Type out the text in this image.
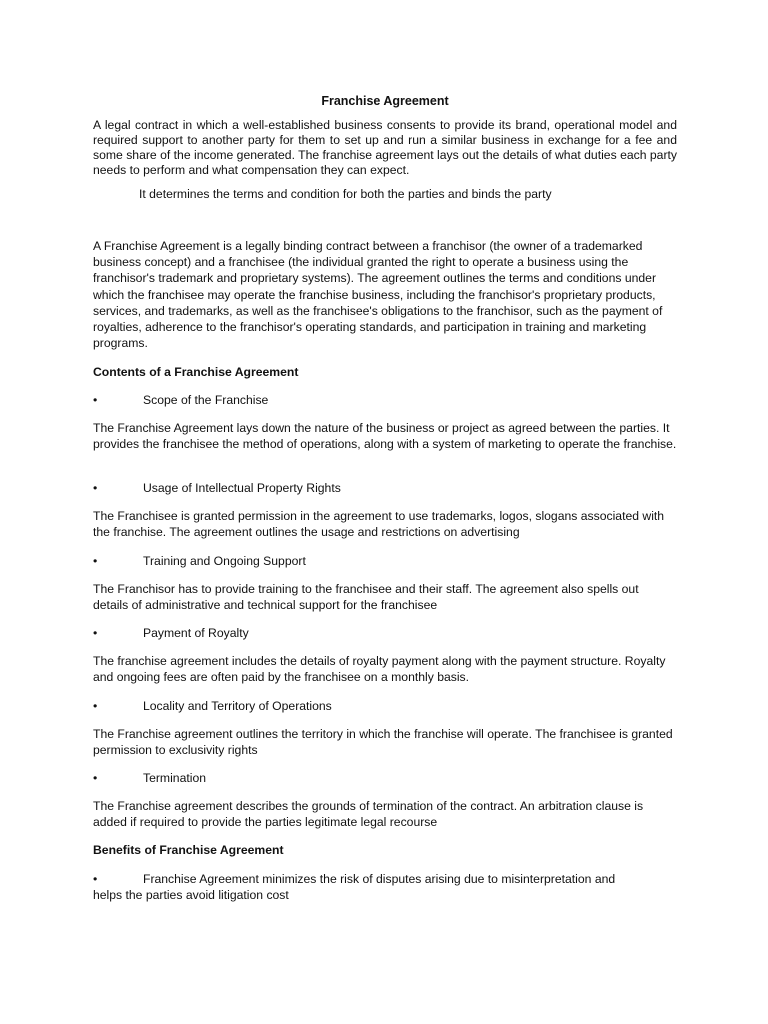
Franchise Agreement

A legal contract in which a well-established business consents to provide its brand, operational model and required support to another party for them to set up and run a similar business in exchange for a fee and some share of the income generated. The franchise agreement lays out the details of what duties each party needs to perform and what compensation they can expect.

It determines the terms and condition for both the parties and binds the party

A Franchise Agreement is a legally binding contract between a franchisor (the owner of a trademarked business concept) and a franchisee (the individual granted the right to operate a business using the franchisor's trademark and proprietary systems). The agreement outlines the terms and conditions under which the franchisee may operate the franchise business, including the franchisor's proprietary products, services, and trademarks, as well as the franchisee's obligations to the franchisor, such as the payment of royalties, adherence to the franchisor's operating standards, and participation in training and marketing programs.

Contents of a Franchise Agreement

•	Scope of the Franchise

The Franchise Agreement lays down the nature of the business or project as agreed between the parties. It provides the franchisee the method of operations, along with a system of marketing to operate the franchise.

•	Usage of Intellectual Property Rights

The Franchisee is granted permission in the agreement to use trademarks, logos, slogans associated with the franchise. The agreement outlines the usage and restrictions on advertising

•	Training and Ongoing Support

The Franchisor has to provide training to the franchisee and their staff. The agreement also spells out details of administrative and technical support for the franchisee

•	Payment of Royalty

The franchise agreement includes the details of royalty payment along with the payment structure. Royalty and ongoing fees are often paid by the franchisee on a monthly basis.

•	Locality and Territory of Operations

The Franchise agreement outlines the territory in which the franchise will operate. The franchisee is granted permission to exclusivity rights

•	Termination

The Franchise agreement describes the grounds of termination of the contract. An arbitration clause is added if required to provide the parties legitimate legal recourse

Benefits of Franchise Agreement

•	Franchise Agreement minimizes the risk of disputes arising due to misinterpretation and
helps the parties avoid litigation cost
